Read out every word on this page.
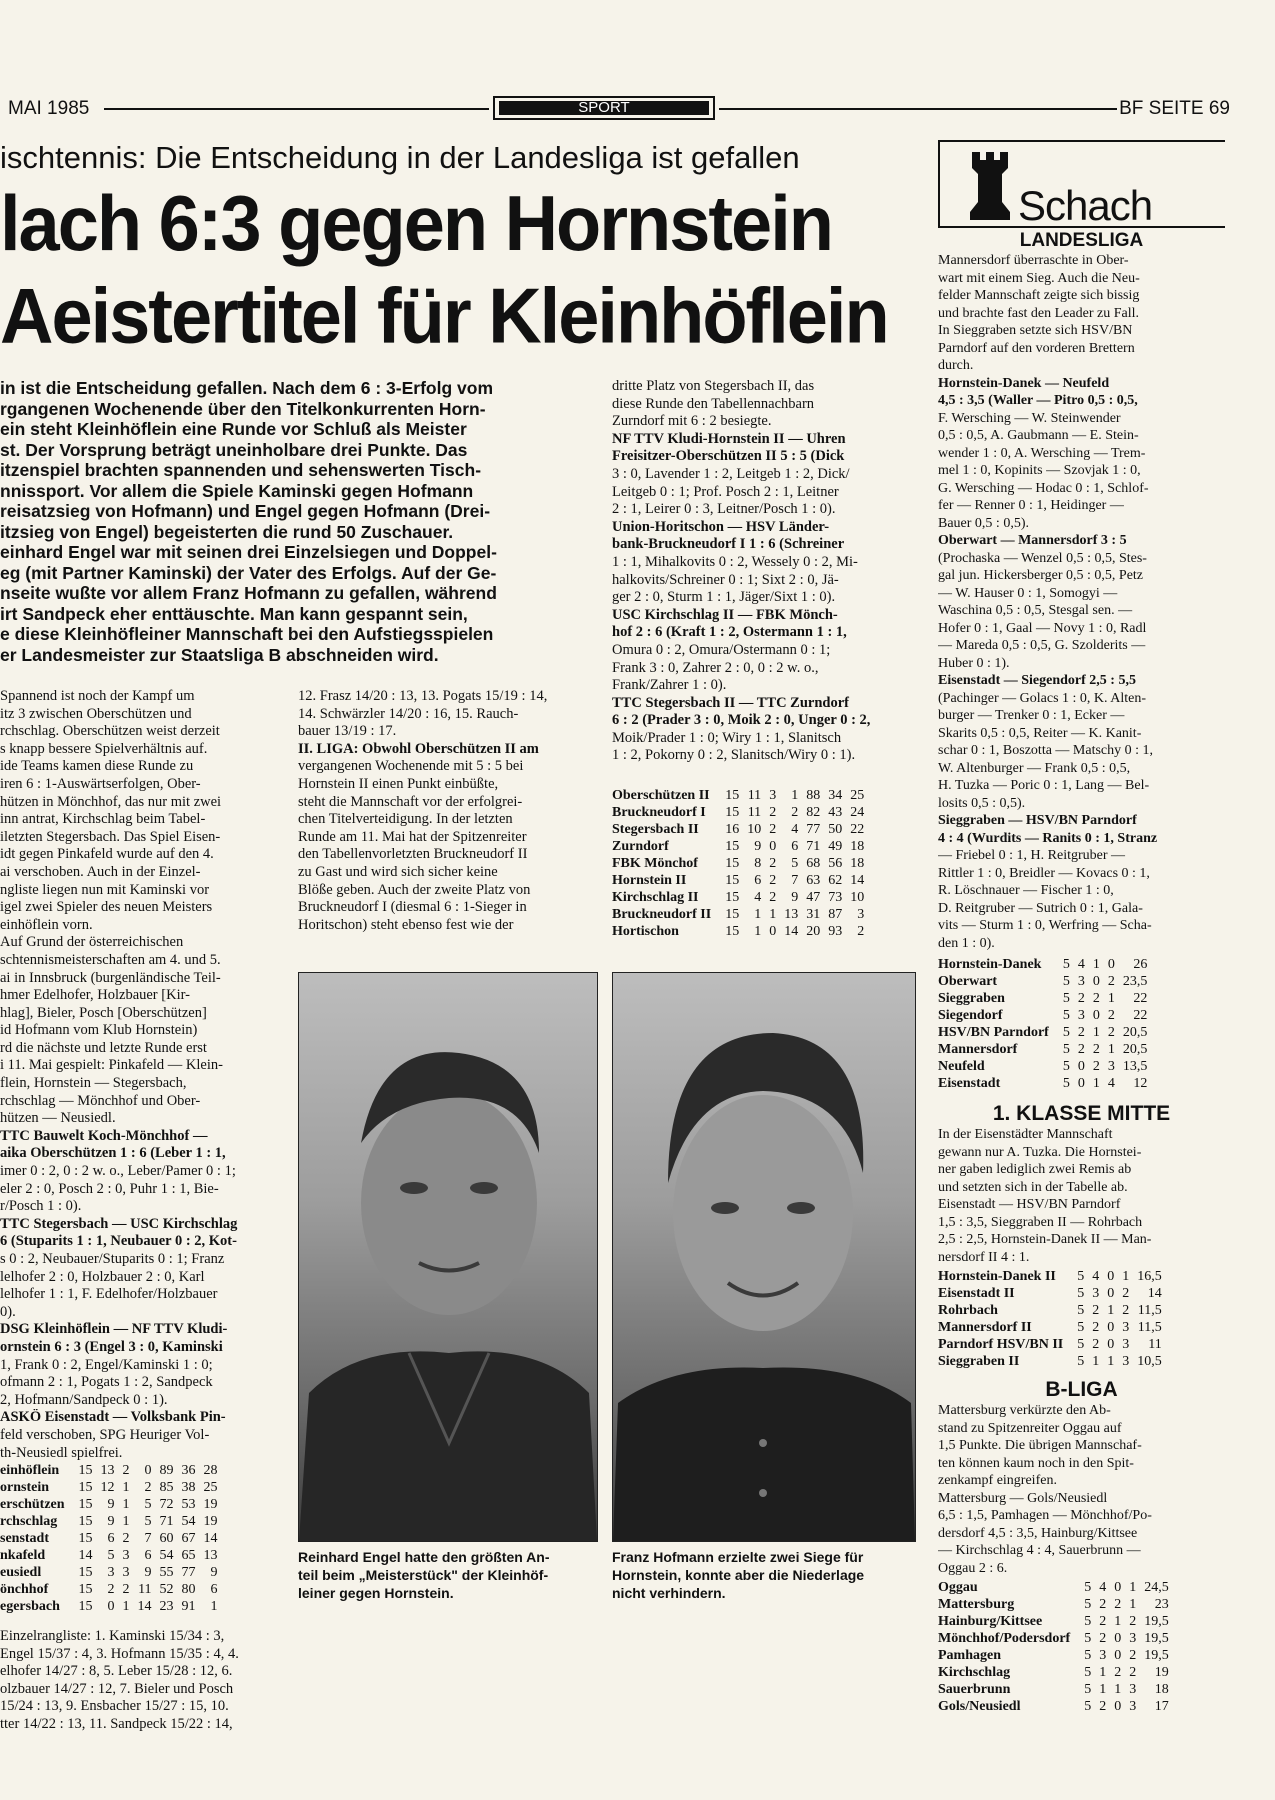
MAI 1985	SPORT	BF SEITE 69
ischtennis: Die Entscheidung in der Landesliga ist gefallen
lach 6:3 gegen Hornstein
Aeistertitel für Kleinhöflein

in ist die Entscheidung gefallen. Nach dem 6 : 3-Erfolg vom

rgangenen Wochenende über den Titelkonkurrenten Horn-

ein steht Kleinhöflein eine Runde vor Schluß als Meister

st. Der Vorsprung beträgt uneinholbare drei Punkte. Das

itzenspiel brachten spannenden und sehenswerten Tisch-

nnissport. Vor allem die Spiele Kaminski gegen Hofmann

reisatzsieg von Hofmann) und Engel gegen Hofmann (Drei-

itzsieg von Engel) begeisterten die rund 50 Zuschauer.

einhard Engel war mit seinen drei Einzelsiegen und Doppel-

eg (mit Partner Kaminski) der Vater des Erfolgs. Auf der Ge-

nseite wußte vor allem Franz Hofmann zu gefallen, während

irt Sandpeck eher enttäuschte. Man kann gespannt sein,

e diese Kleinhöfleiner Mannschaft bei den Aufstiegsspielen

er Landesmeister zur Staatsliga B abschneiden wird.

Spannend ist noch der Kampf um

itz 3 zwischen Oberschützen und

rchschlag. Oberschützen weist derzeit

s knapp bessere Spielverhältnis auf.

ide Teams kamen diese Runde zu

iren 6 : 1-Auswärtserfolgen, Ober-

hützen in Mönchhof, das nur mit zwei

inn antrat, Kirchschlag beim Tabel-

iletzten Stegersbach. Das Spiel Eisen-

idt gegen Pinkafeld wurde auf den 4.

ai verschoben. Auch in der Einzel-

ngliste liegen nun mit Kaminski vor

igel zwei Spieler des neuen Meisters

einhöflein vorn.

Auf Grund der österreichischen

schtennismeisterschaften am 4. und 5.

ai in Innsbruck (burgenländische Teil-

hmer Edelhofer, Holzbauer [Kir-

hlag], Bieler, Posch [Oberschützen]

id Hofmann vom Klub Hornstein)

rd die nächste und letzte Runde erst

i 11. Mai gespielt: Pinkafeld — Klein-

flein, Hornstein — Stegersbach,

rchschlag — Mönchhof und Ober-

hützen — Neusiedl.

TTC Bauwelt Koch-Mönchhof —

aika Oberschützen 1 : 6 (Leber 1 : 1,

imer 0 : 2, 0 : 2 w. o., Leber/Pamer 0 : 1;

eler 2 : 0, Posch 2 : 0, Puhr 1 : 1, Bie-

r/Posch 1 : 0).

TTC Stegersbach — USC Kirchschlag

6 (Stuparits 1 : 1, Neubauer 0 : 2, Kot-

s 0 : 2, Neubauer/Stuparits 0 : 1; Franz

lelhofer 2 : 0, Holzbauer 2 : 0, Karl

lelhofer 1 : 1, F. Edelhofer/Holzbauer

0).

DSG Kleinhöflein — NF TTV Kludi-

ornstein 6 : 3 (Engel 3 : 0, Kaminski

1, Frank 0 : 2, Engel/Kaminski 1 : 0;

ofmann 2 : 1, Pogats 1 : 2, Sandpeck

2, Hofmann/Sandpeck 0 : 1).

ASKÖ Eisenstadt — Volksbank Pin-

feld verschoben, SPG Heuriger Vol-

th-Neusiedl spielfrei.

einhöflein	15	13	2	0	89	36	28
ornstein	15	12	1	2	85	38	25
erschützen	15	9	1	5	72	53	19
rchschlag	15	9	1	5	71	54	19
senstadt	15	6	2	7	60	67	14
nkafeld	14	5	3	6	54	65	13
eusiedl	15	3	3	9	55	77	9
önchhof	15	2	2	11	52	80	6
egersbach	15	0	1	14	23	91	1

Einzelrangliste: 1. Kaminski 15/34 : 3,

Engel 15/37 : 4, 3. Hofmann 15/35 : 4, 4.

elhofer 14/27 : 8, 5. Leber 15/28 : 12, 6.

olzbauer 14/27 : 12, 7. Bieler und Posch

15/24 : 13, 9. Ensbacher 15/27 : 15, 10.

tter 14/22 : 13, 11. Sandpeck 15/22 : 14,

12. Frasz 14/20 : 13, 13. Pogats 15/19 : 14,

14. Schwärzler 14/20 : 16, 15. Rauch-

bauer 13/19 : 17.

II. LIGA: Obwohl Oberschützen II am

vergangenen Wochenende mit 5 : 5 bei

Hornstein II einen Punkt einbüßte,

steht die Mannschaft vor der erfolgrei-

chen Titelverteidigung. In der letzten

Runde am 11. Mai hat der Spitzenreiter

den Tabellenvorletzten Bruckneudorf II

zu Gast und wird sich sicher keine

Blöße geben. Auch der zweite Platz von

Bruckneudorf I (diesmal 6 : 1-Sieger in

Horitschon) steht ebenso fest wie der

dritte Platz von Stegersbach II, das

diese Runde den Tabellennachbarn

Zurndorf mit 6 : 2 besiegte.

NF TTV Kludi-Hornstein II — Uhren

Freisitzer-Oberschützen II 5 : 5 (Dick

3 : 0, Lavender 1 : 2, Leitgeb 1 : 2, Dick/

Leitgeb 0 : 1; Prof. Posch 2 : 1, Leitner

2 : 1, Leirer 0 : 3, Leitner/Posch 1 : 0).

Union-Horitschon — HSV Länder-

bank-Bruckneudorf I 1 : 6 (Schreiner

1 : 1, Mihalkovits 0 : 2, Wessely 0 : 2, Mi-

halkovits/Schreiner 0 : 1; Sixt 2 : 0, Jä-

ger 2 : 0, Sturm 1 : 1, Jäger/Sixt 1 : 0).

USC Kirchschlag II — FBK Mönch-

hof 2 : 6 (Kraft 1 : 2, Ostermann 1 : 1,

Omura 0 : 2, Omura/Ostermann 0 : 1;

Frank 3 : 0, Zahrer 2 : 0, 0 : 2 w. o.,

Frank/Zahrer 1 : 0).

TTC Stegersbach II — TTC Zurndorf

6 : 2 (Prader 3 : 0, Moik 2 : 0, Unger 0 : 2,

Moik/Prader 1 : 0; Wiry 1 : 1, Slanitsch

1 : 2, Pokorny 0 : 2, Slanitsch/Wiry 0 : 1).

Oberschützen II	15	11	3	1	88	34	25
Bruckneudorf I	15	11	2	2	82	43	24
Stegersbach II	16	10	2	4	77	50	22
Zurndorf	15	9	0	6	71	49	18
FBK Mönchof	15	8	2	5	68	56	18
Hornstein II	15	6	2	7	63	62	14
Kirchschlag II	15	4	2	9	47	73	10
Bruckneudorf II	15	1	1	13	31	87	3
Hortischon	15	1	0	14	20	93	2
Reinhard Engel hatte den größten An-
teil beim „Meisterstück" der Kleinhöf-
leiner gegen Hornstein.
Franz Hofmann erzielte zwei Siege für
Hornstein, konnte aber die Niederlage
nicht verhindern.
Schach
LANDESLIGA

Mannersdorf überraschte in Ober-

wart mit einem Sieg. Auch die Neu-

felder Mannschaft zeigte sich bissig

und brachte fast den Leader zu Fall.

In Sieggraben setzte sich HSV/BN

Parndorf auf den vorderen Brettern

durch.

Hornstein-Danek — Neufeld

4,5 : 3,5 (Waller — Pitro 0,5 : 0,5,

F. Wersching — W. Steinwender

0,5 : 0,5, A. Gaubmann — E. Stein-

wender 1 : 0, A. Wersching — Trem-

mel 1 : 0, Kopinits — Szovjak 1 : 0,

G. Wersching — Hodac 0 : 1, Schlof-

fer — Renner 0 : 1, Heidinger —

Bauer 0,5 : 0,5).

Oberwart — Mannersdorf 3 : 5

(Prochaska — Wenzel 0,5 : 0,5, Stes-

gal jun. Hickersberger 0,5 : 0,5, Petz

— W. Hauser 0 : 1, Somogyi —

Waschina 0,5 : 0,5, Stesgal sen. —

Hofer 0 : 1, Gaal — Novy 1 : 0, Radl

— Mareda 0,5 : 0,5, G. Szolderits —

Huber 0 : 1).

Eisenstadt — Siegendorf 2,5 : 5,5

(Pachinger — Golacs 1 : 0, K. Alten-

burger — Trenker 0 : 1, Ecker —

Skarits 0,5 : 0,5, Reiter — K. Kanit-

schar 0 : 1, Boszotta — Matschy 0 : 1,

W. Altenburger — Frank 0,5 : 0,5,

H. Tuzka — Poric 0 : 1, Lang — Bel-

losits 0,5 : 0,5).

Sieggraben — HSV/BN Parndorf

4 : 4 (Wurdits — Ranits 0 : 1, Stranz

— Friebel 0 : 1, H. Reitgruber —

Rittler 1 : 0, Breidler — Kovacs 0 : 1,

R. Löschnauer — Fischer 1 : 0,

D. Reitgruber — Sutrich 0 : 1, Gala-

vits — Sturm 1 : 0, Werfring — Scha-

den 1 : 0).

Hornstein-Danek	5	4	1	0	26
Oberwart	5	3	0	2	23,5
Sieggraben	5	2	2	1	22
Siegendorf	5	3	0	2	22
HSV/BN Parndorf	5	2	1	2	20,5
Mannersdorf	5	2	2	1	20,5
Neufeld	5	0	2	3	13,5
Eisenstadt	5	0	1	4	12
1. KLASSE MITTE

In der Eisenstädter Mannschaft

gewann nur A. Tuzka. Die Hornstei-

ner gaben lediglich zwei Remis ab

und setzten sich in der Tabelle ab.

Eisenstadt — HSV/BN Parndorf

1,5 : 3,5, Sieggraben II — Rohrbach

2,5 : 2,5, Hornstein-Danek II — Man-

nersdorf II 4 : 1.

Hornstein-Danek II	5	4	0	1	16,5
Eisenstadt II	5	3	0	2	14
Rohrbach	5	2	1	2	11,5
Mannersdorf II	5	2	0	3	11,5
Parndorf HSV/BN II	5	2	0	3	11
Sieggraben II	5	1	1	3	10,5
B-LIGA

Mattersburg verkürzte den Ab-

stand zu Spitzenreiter Oggau auf

1,5 Punkte. Die übrigen Mannschaf-

ten können kaum noch in den Spit-

zenkampf eingreifen.

Mattersburg — Gols/Neusiedl

6,5 : 1,5, Pamhagen — Mönchhof/Po-

dersdorf 4,5 : 3,5, Hainburg/Kittsee

— Kirchschlag 4 : 4, Sauerbrunn —

Oggau 2 : 6.

Oggau	5	4	0	1	24,5
Mattersburg	5	2	2	1	23
Hainburg/Kittsee	5	2	1	2	19,5
Mönchhof/Podersdorf	5	2	0	3	19,5
Pamhagen	5	3	0	2	19,5
Kirchschlag	5	1	2	2	19
Sauerbrunn	5	1	1	3	18
Gols/Neusiedl	5	2	0	3	17
